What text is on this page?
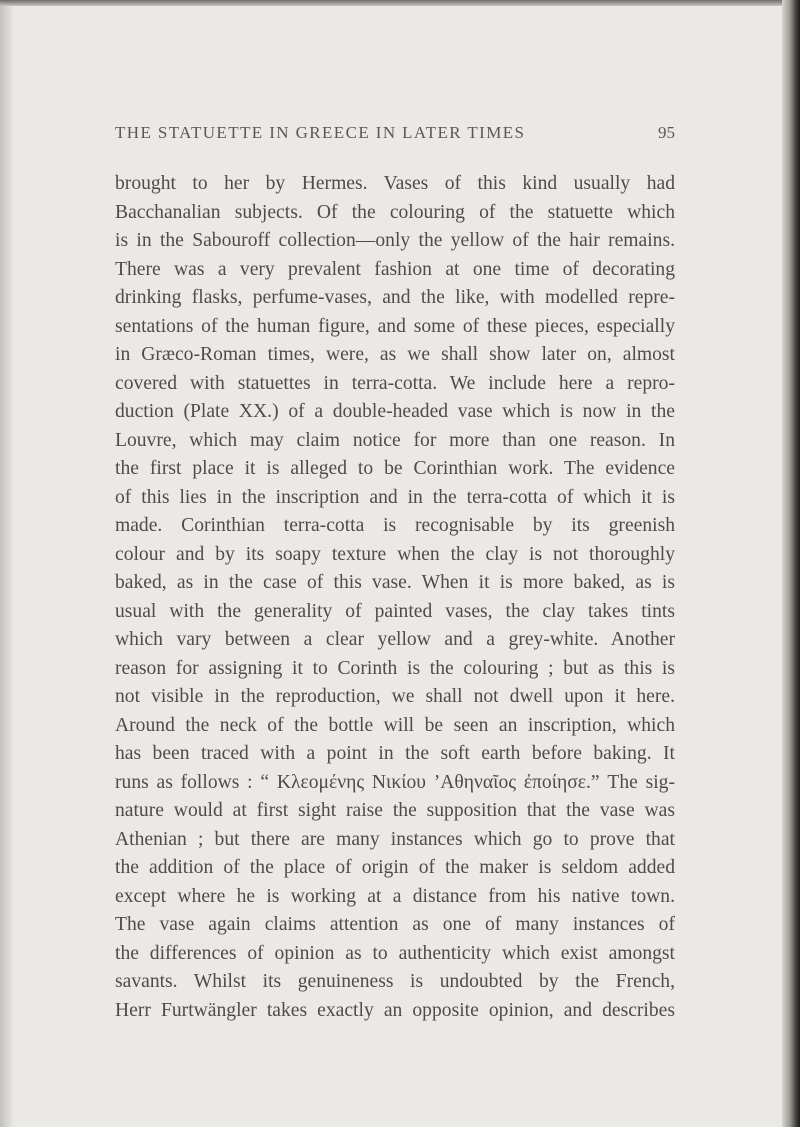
THE STATUETTE IN GREECE IN LATER TIMES	95
brought to her by Hermes. Vases of this kind usually had
Bacchanalian subjects. Of the colouring of the statuette which
is in the Sabouroff collection—only the yellow of the hair remains.
There was a very prevalent fashion at one time of decorating
drinking flasks, perfume-vases, and the like, with modelled repre-
sentations of the human figure, and some of these pieces, especially
in Græco-Roman times, were, as we shall show later on, almost
covered with statuettes in terra-cotta. We include here a repro-
duction (Plate XX.) of a double-headed vase which is now in the
Louvre, which may claim notice for more than one reason. In
the first place it is alleged to be Corinthian work. The evidence
of this lies in the inscription and in the terra-cotta of which it is
made. Corinthian terra-cotta is recognisable by its greenish
colour and by its soapy texture when the clay is not thoroughly
baked, as in the case of this vase. When it is more baked, as is
usual with the generality of painted vases, the clay takes tints
which vary between a clear yellow and a grey-white. Another
reason for assigning it to Corinth is the colouring ; but as this is
not visible in the reproduction, we shall not dwell upon it here.
Around the neck of the bottle will be seen an inscription, which
has been traced with a point in the soft earth before baking. It
runs as follows : “ Κλεομένης Νικίου ’Αθηναῖος ἐποίησε.” The sig-
nature would at first sight raise the supposition that the vase was
Athenian ; but there are many instances which go to prove that
the addition of the place of origin of the maker is seldom added
except where he is working at a distance from his native town.
The vase again claims attention as one of many instances of
the differences of opinion as to authenticity which exist amongst
savants. Whilst its genuineness is undoubted by the French,
Herr Furtwängler takes exactly an opposite opinion, and describes
